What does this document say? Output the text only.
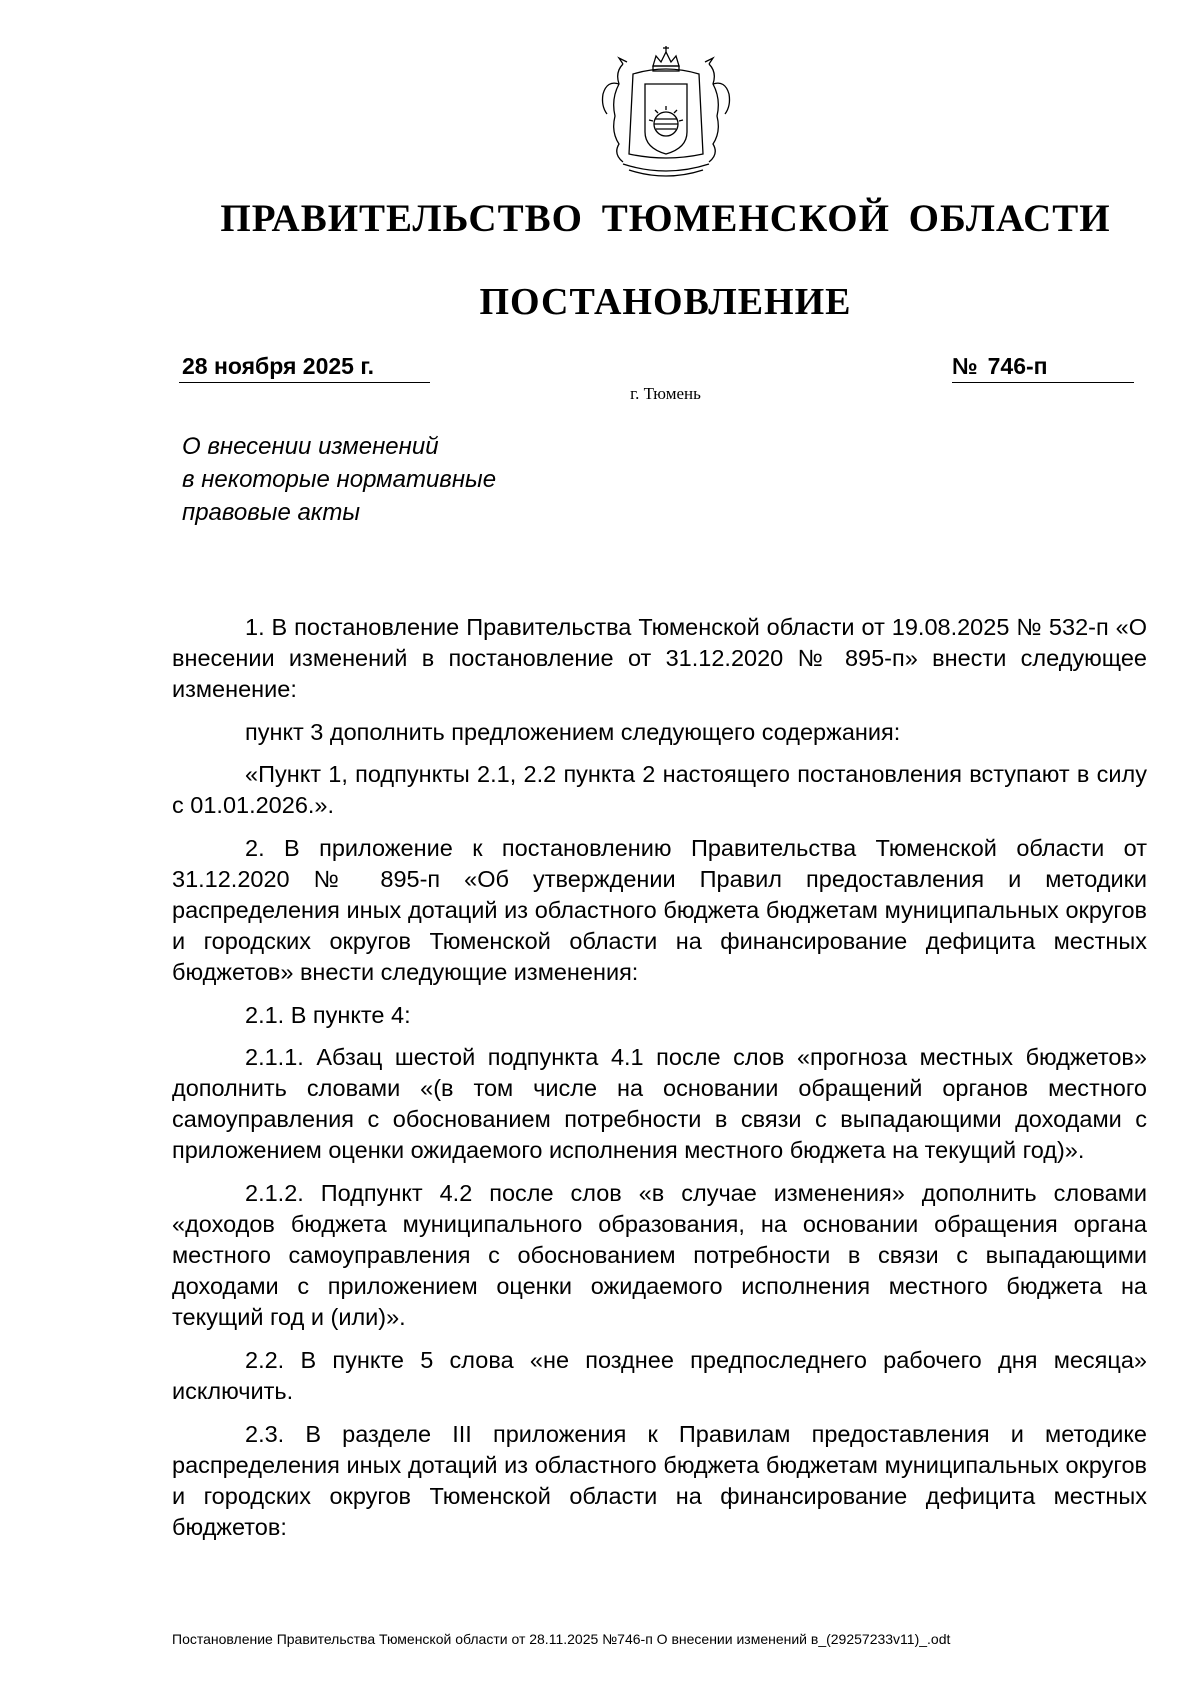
ПРАВИТЕЛЬСТВО ТЮМЕНСКОЙ ОБЛАСТИ
ПОСТАНОВЛЕНИЕ
28 ноября 2025 г.	№ 746-п
г. Тюмень
О внесении изменений
в некоторые нормативные
правовые акты

1. В постановление Правительства Тюменской области от 19.08.2025 № 532-п «О внесении изменений в постановление от 31.12.2020 № 895-п» внести следующее изменение:

пункт 3 дополнить предложением следующего содержания:

«Пункт 1, подпункты 2.1, 2.2 пункта 2 настоящего постановления вступают в силу с 01.01.2026.».

2. В приложение к постановлению Правительства Тюменской области от 31.12.2020 № 895-п «Об утверждении Правил предоставления и методики распределения иных дотаций из областного бюджета бюджетам муниципальных округов и городских округов Тюменской области на финансирование дефицита местных бюджетов» внести следующие изменения:

2.1. В пункте 4:

2.1.1. Абзац шестой подпункта 4.1 после слов «прогноза местных бюджетов» дополнить словами «(в том числе на основании обращений органов местного самоуправления с обоснованием потребности в связи с выпадающими доходами с приложением оценки ожидаемого исполнения местного бюджета на текущий год)».

2.1.2. Подпункт 4.2 после слов «в случае изменения» дополнить словами «доходов бюджета муниципального образования, на основании обращения органа местного самоуправления с обоснованием потребности в связи с выпадающими доходами с приложением оценки ожидаемого исполнения местного бюджета на текущий год и (или)».

2.2. В пункте 5 слова «не позднее предпоследнего рабочего дня месяца» исключить.

2.3. В разделе III приложения к Правилам предоставления и методике распределения иных дотаций из областного бюджета бюджетам муниципальных округов и городских округов Тюменской области на финансирование дефицита местных бюджетов:

Постановление Правительства Тюменской области от 28.11.2025 №746-п О внесении изменений в_(29257233v11)_.odt
